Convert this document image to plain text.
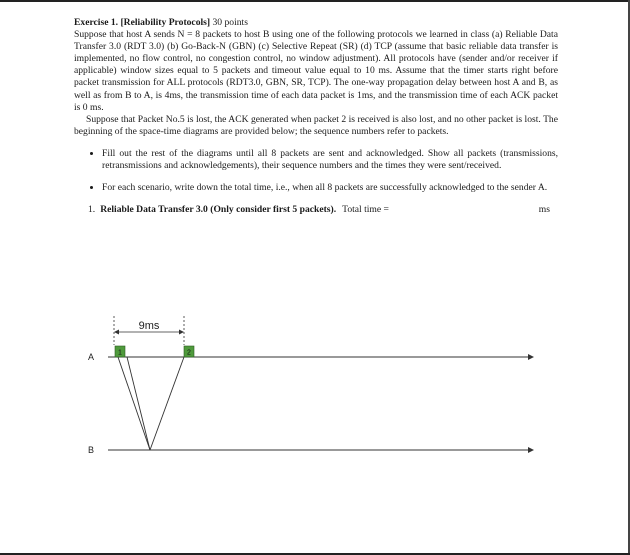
Exercise 1. [Reliability Protocols] 30 points
Suppose that host A sends N = 8 packets to host B using one of the following protocols we learned in class (a) Reliable Data Transfer 3.0 (RDT 3.0) (b) Go-Back-N (GBN) (c) Selective Repeat (SR) (d) TCP (assume that basic reliable data transfer is implemented, no flow control, no congestion control, no window adjustment). All protocols have (sender and/or receiver if applicable) window sizes equal to 5 packets and timeout value equal to 10 ms. Assume that the timer starts right before packet transmission for ALL protocols (RDT3.0, GBN, SR, TCP). The one-way propagation delay between host A and B, as well as from B to A, is 4ms, the transmission time of each data packet is 1ms, and the transmission time of each ACK packet is 0 ms.

Suppose that Packet No.5 is lost, the ACK generated when packet 2 is received is also lost, and no other packet is lost. The beginning of the space-time diagrams are provided below; the sequence numbers refer to packets.

• Fill out the rest of the diagrams until all 8 packets are sent and acknowledged. Show all packets (transmissions, retransmissions and acknowledgements), their sequence numbers and the times they were sent/received.
• For each scenario, write down the total time, i.e., when all 8 packets are successfully acknowledged to the sender A.
1. Reliable Data Transfer 3.0 (Only consider first 5 packets). Total time =	ms
9ms
A
B
1	2
